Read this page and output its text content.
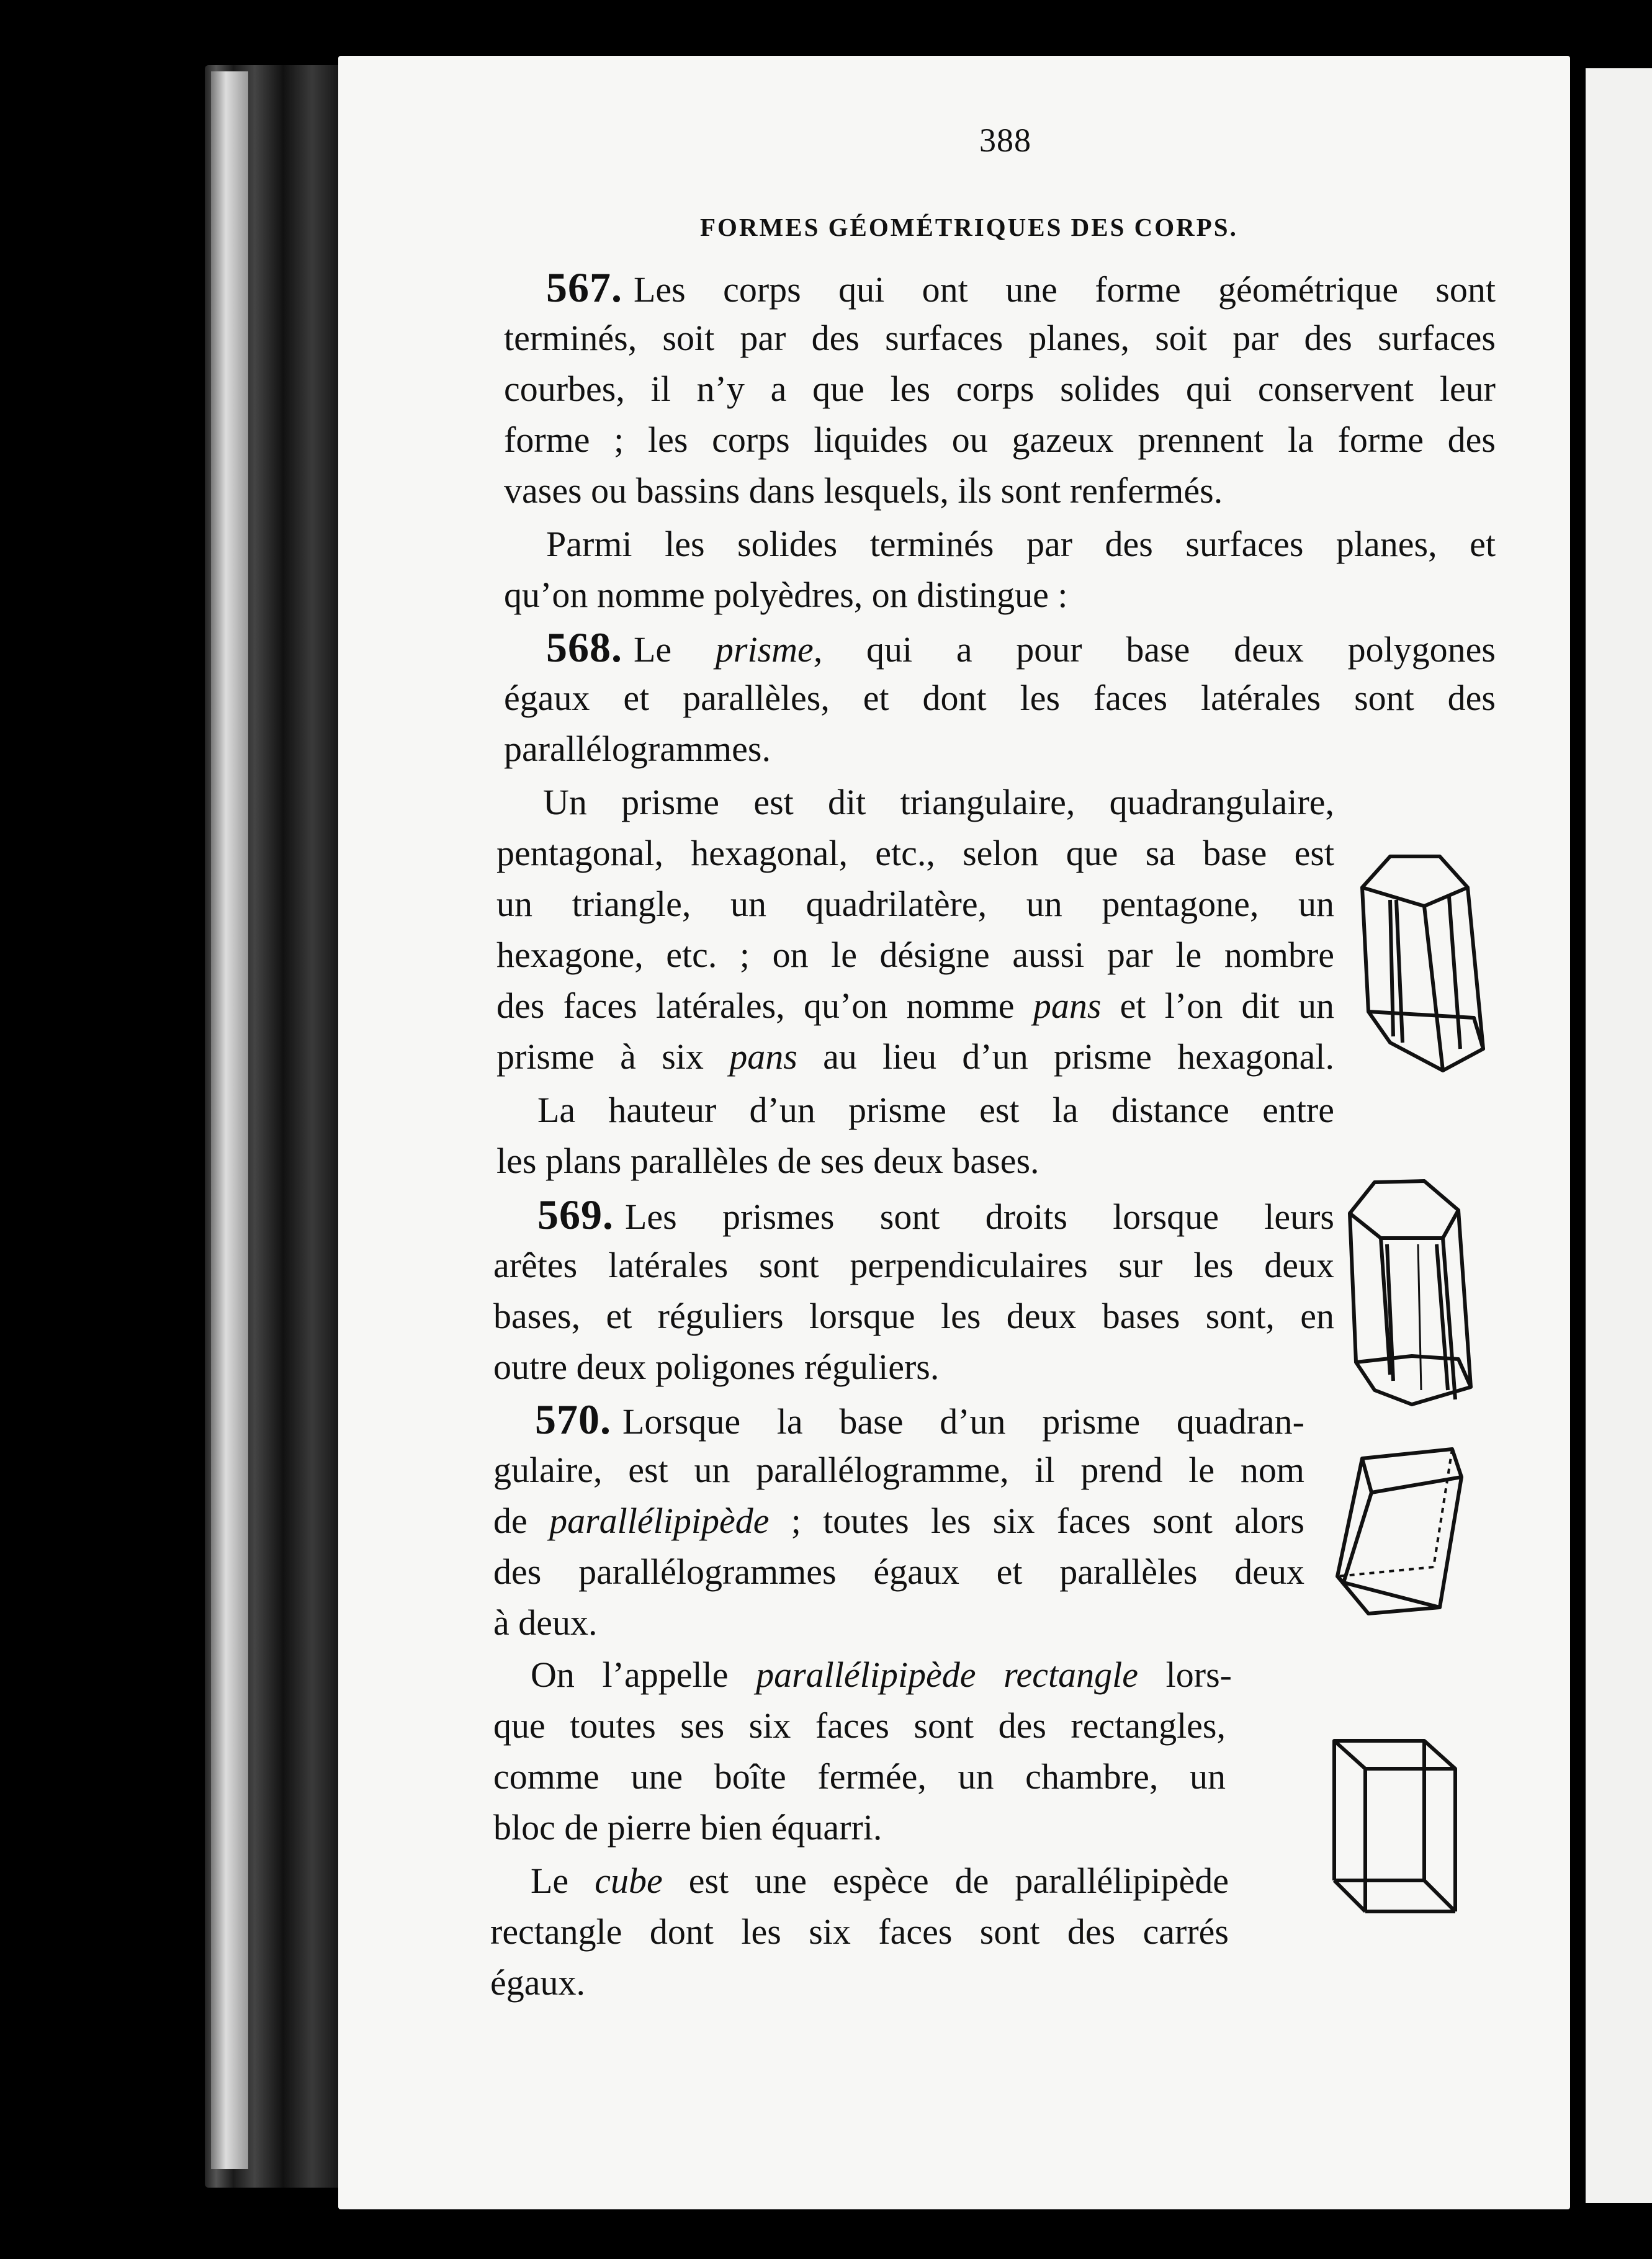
388
FORMES GÉOMÉTRIQUES DES CORPS.
567. Les corps qui ont une forme géométrique sont
terminés, soit par des surfaces planes, soit par des surfaces
courbes, il n’y a que les corps solides qui conservent leur
forme ; les corps liquides ou gazeux prennent la forme des
vases ou bassins dans lesquels, ils sont renfermés.
Parmi les solides terminés par des surfaces planes, et
qu’on nomme polyèdres, on distingue :
568. Le prisme, qui a pour base deux polygones
égaux et parallèles, et dont les faces latérales sont des
parallélogrammes.
Un prisme est dit triangulaire, quadrangulaire,
pentagonal, hexagonal, etc., selon que sa base est
un triangle, un quadrilatère, un pentagone, un
hexagone, etc. ; on le désigne aussi par le nombre
des faces latérales, qu’on nomme pans et l’on dit un
prisme à six pans au lieu d’un prisme hexagonal.
La hauteur d’un prisme est la distance entre
les plans parallèles de ses deux bases.
569. Les prismes sont droits lorsque leurs
arêtes latérales sont perpendiculaires sur les deux
bases, et réguliers lorsque les deux bases sont, en
outre deux poligones réguliers.
570. Lorsque la base d’un prisme quadran-
gulaire, est un parallélogramme, il prend le nom
de parallélipipède ; toutes les six faces sont alors
des parallélogrammes égaux et parallèles deux
à deux.
On l’appelle parallélipipède rectangle lors-
que toutes ses six faces sont des rectangles,
comme une boîte fermée, un chambre, un
bloc de pierre bien équarri.
Le cube est une espèce de parallélipipède
rectangle dont les six faces sont des carrés
égaux.
